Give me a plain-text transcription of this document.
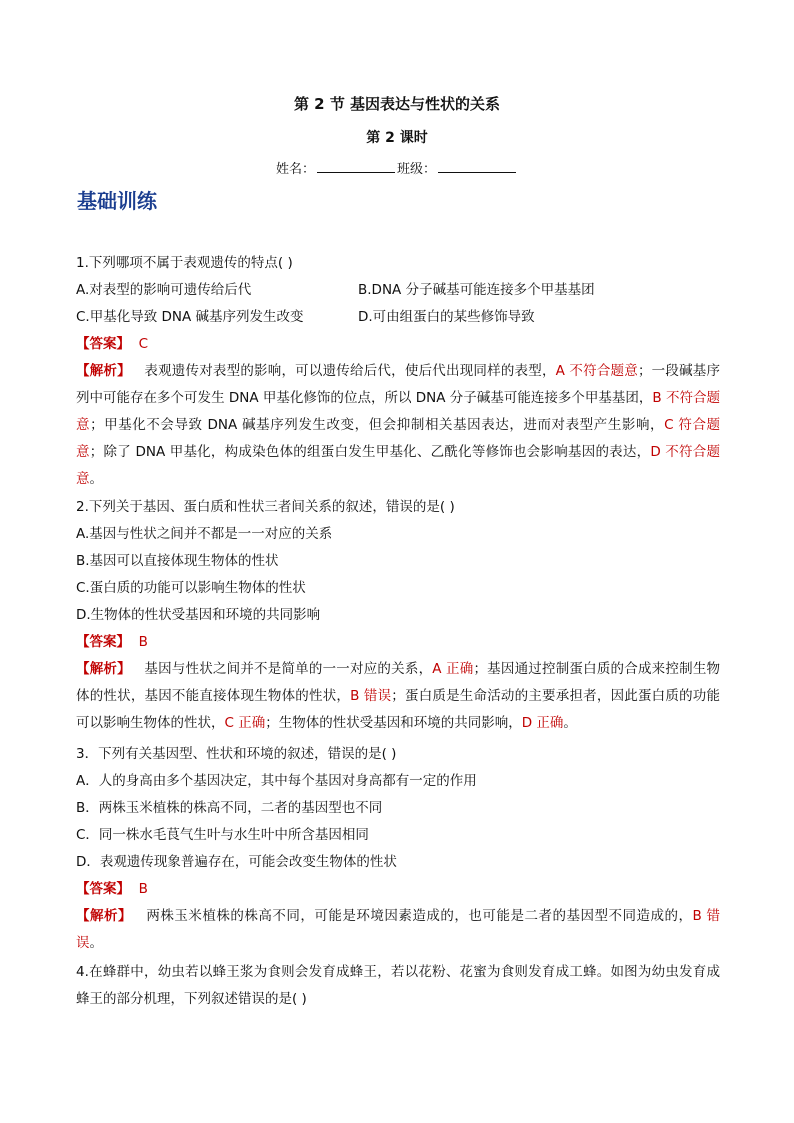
第 2 节 基因表达与性状的关系
第 2 课时
姓名：	班级：
基础训练
1.下列哪项不属于表观遗传的特点( )
A.对表型的影响可遗传给后代	B.DNA 分子碱基可能连接多个甲基基团
C.甲基化导致 DNA 碱基序列发生改变	D.可由组蛋白的某些修饰导致
【答案】 C
【解析】 表观遗传对表型的影响，可以遗传给后代，使后代出现同样的表型，A 不符合题意；一段碱基序列中可能存在多个可发生 DNA 甲基化修饰的位点，所以 DNA 分子碱基可能连接多个甲基基团，B 不符合题意；甲基化不会导致 DNA 碱基序列发生改变，但会抑制相关基因表达，进而对表型产生影响，C 符合题意；除了 DNA 甲基化，构成染色体的组蛋白发生甲基化、乙酰化等修饰也会影响基因的表达，D 不符合题意。
2.下列关于基因、蛋白质和性状三者间关系的叙述，错误的是( )
A.基因与性状之间并不都是一一对应的关系
B.基因可以直接体现生物体的性状
C.蛋白质的功能可以影响生物体的性状
D.生物体的性状受基因和环境的共同影响
【答案】 B
【解析】 基因与性状之间并不是简单的一一对应的关系，A 正确；基因通过控制蛋白质的合成来控制生物体的性状，基因不能直接体现生物体的性状，B 错误；蛋白质是生命活动的主要承担者，因此蛋白质的功能可以影响生物体的性状，C 正确；生物体的性状受基因和环境的共同影响，D 正确。
3．下列有关基因型、性状和环境的叙述，错误的是( )
A．人的身高由多个基因决定，其中每个基因对身高都有一定的作用
B．两株玉米植株的株高不同，二者的基因型也不同
C．同一株水毛茛气生叶与水生叶中所含基因相同
D．表观遗传现象普遍存在，可能会改变生物体的性状
【答案】 B
【解析】 两株玉米植株的株高不同，可能是环境因素造成的，也可能是二者的基因型不同造成的，B 错误。
4.在蜂群中，幼虫若以蜂王浆为食则会发育成蜂王，若以花粉、花蜜为食则发育成工蜂。如图为幼虫发育成蜂王的部分机理，下列叙述错误的是( )
